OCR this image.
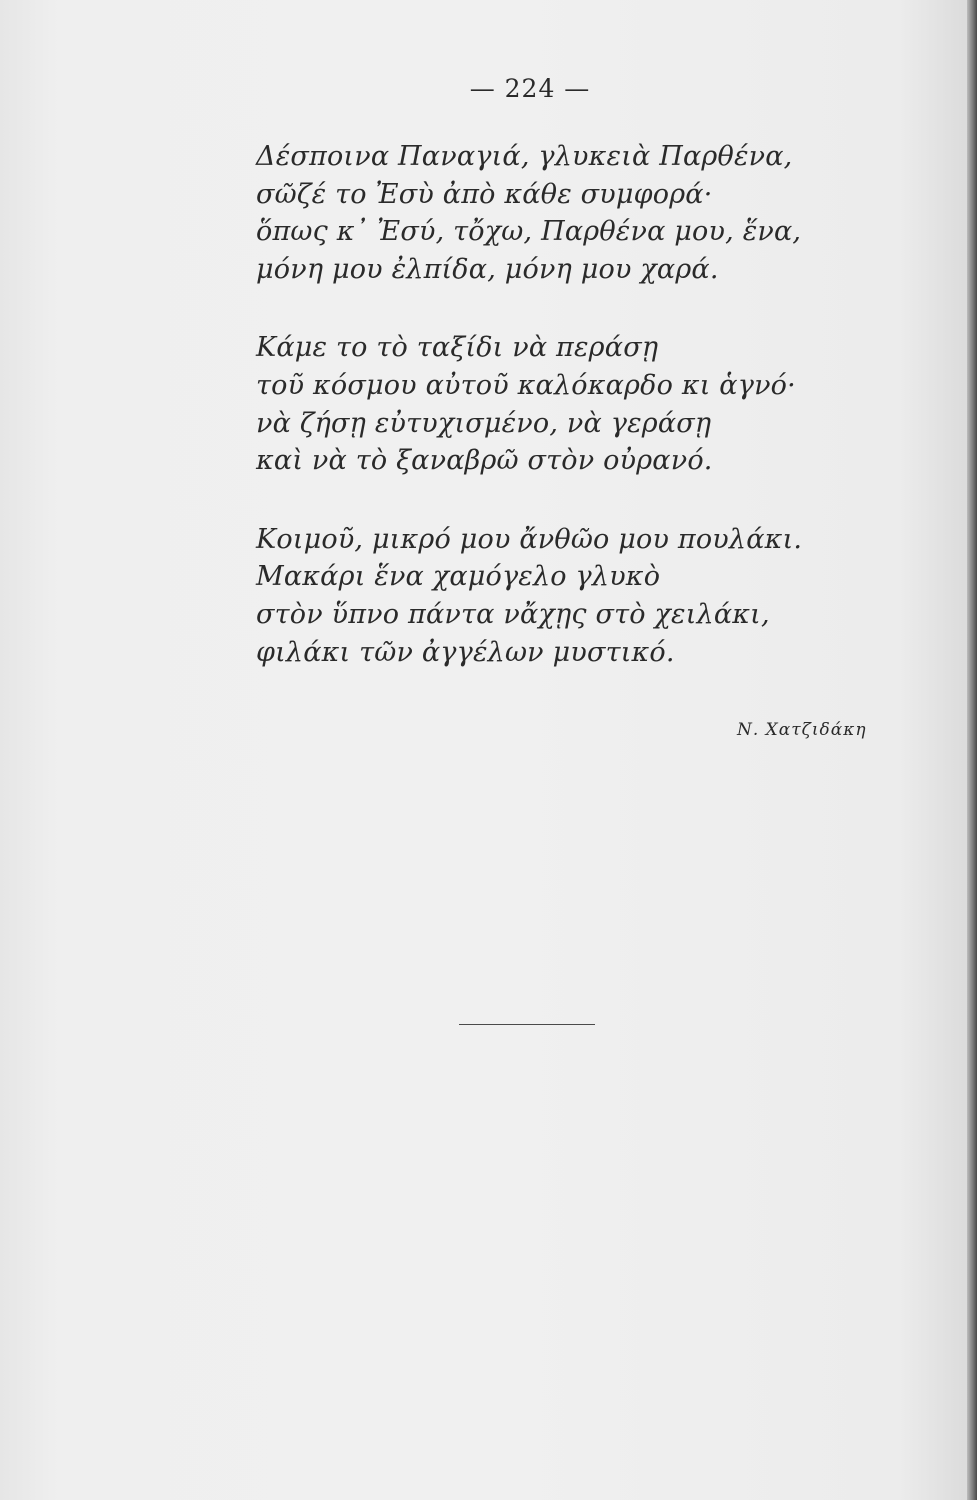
— 224 —
Δέσποινα Παναγιά, γλυκειὰ Παρθένα,
σῶζέ το Ἐσὺ ἀπὸ κάθε συμφορά·
ὅπως κ᾽ Ἐσύ, τὄχω, Παρθένα μου, ἕνα,
μόνη μου ἐλπίδα, μόνη μου χαρά.
Κάμε το τὸ ταξίδι νὰ περάσῃ
τοῦ κόσμου αὐτοῦ καλόκαρδο κι ἁγνό·
νὰ ζήσῃ εὐτυχισμένο, νὰ γεράσῃ
καὶ νὰ τὸ ξαναβρῶ στὸν οὐρανό.
Κοιμοῦ, μικρό μου ἄνθῶο μου πουλάκι.
Μακάρι ἕνα χαμόγελο γλυκὸ
στὸν ὕπνο πάντα νἄχῃς στὸ χειλάκι,
φιλάκι τῶν ἀγγέλων μυστικό.
Ν. Χατζιδάκη
